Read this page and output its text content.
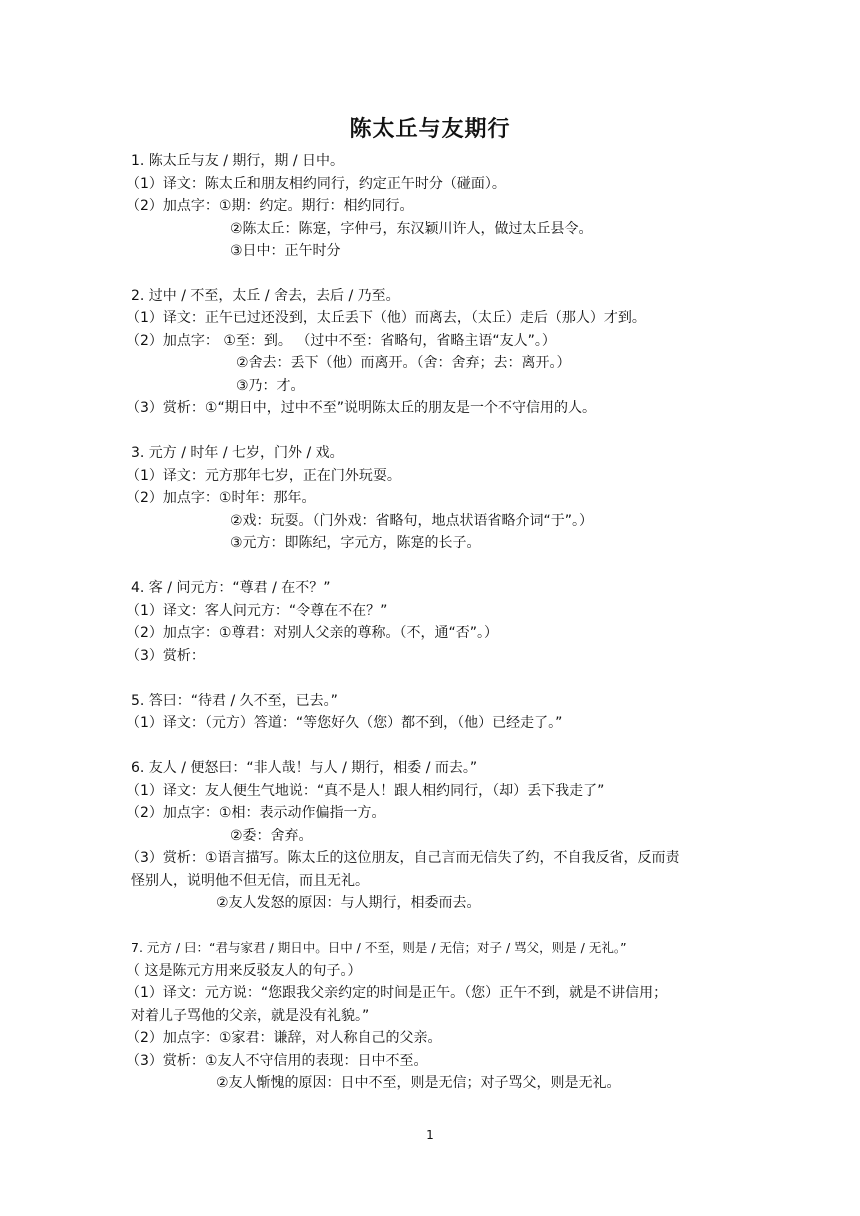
陈太丘与友期行
1. 陈太丘与友 / 期行，期 / 日中。
（1）译文：陈太丘和朋友相约同行，约定正午时分（碰面）。
（2）加点字：①期：约定。期行：相约同行。
②陈太丘：陈寔，字仲弓，东汉颖川许人，做过太丘县令。
③日中：正午时分
2. 过中 / 不至，太丘 / 舍去，去后 / 乃至。
（1）译文：正午已过还没到，太丘丢下（他）而离去，（太丘）走后（那人）才到。
（2）加点字： ①至：到。 （过中不至：省略句，省略主语“友人”。）
②舍去：丢下（他）而离开。（舍：舍弃；去：离开。）
③乃：才。
（3）赏析：①“期日中，过中不至”说明陈太丘的朋友是一个不守信用的人。
3. 元方 / 时年 / 七岁，门外 / 戏。
（1）译文：元方那年七岁，正在门外玩耍。
（2）加点字：①时年：那年。
②戏：玩耍。（门外戏：省略句，地点状语省略介词“于”。）
③元方：即陈纪，字元方，陈寔的长子。
4. 客 / 问元方：“尊君 / 在不？”
（1）译文：客人问元方：“令尊在不在？”
（2）加点字：①尊君：对别人父亲的尊称。（不，通“否”。）
（3）赏析：
5. 答曰：“待君 / 久不至，已去。”
（1）译文：（元方）答道：“等您好久（您）都不到，（他）已经走了。”
6. 友人 / 便怒曰：“非人哉！与人 / 期行，相委 / 而去。”
（1）译文：友人便生气地说：“真不是人！跟人相约同行，（却）丢下我走了”
（2）加点字：①相：表示动作偏指一方。
②委：舍弃。
（3）赏析：①语言描写。陈太丘的这位朋友，自己言而无信失了约，不自我反省，反而责
怪别人，说明他不但无信，而且无礼。
②友人发怒的原因：与人期行，相委而去。
7. 元方 / 曰：“君与家君 / 期日中。日中 / 不至，则是 / 无信；对子 / 骂父，则是 / 无礼。”
（ 这是陈元方用来反驳友人的句子。）
（1）译文：元方说：“您跟我父亲约定的时间是正午。（您）正午不到，就是不讲信用；
对着儿子骂他的父亲，就是没有礼貌。”
（2）加点字：①家君：谦辞，对人称自己的父亲。
（3）赏析：①友人不守信用的表现：日中不至。
②友人惭愧的原因：日中不至，则是无信；对子骂父，则是无礼。
1
